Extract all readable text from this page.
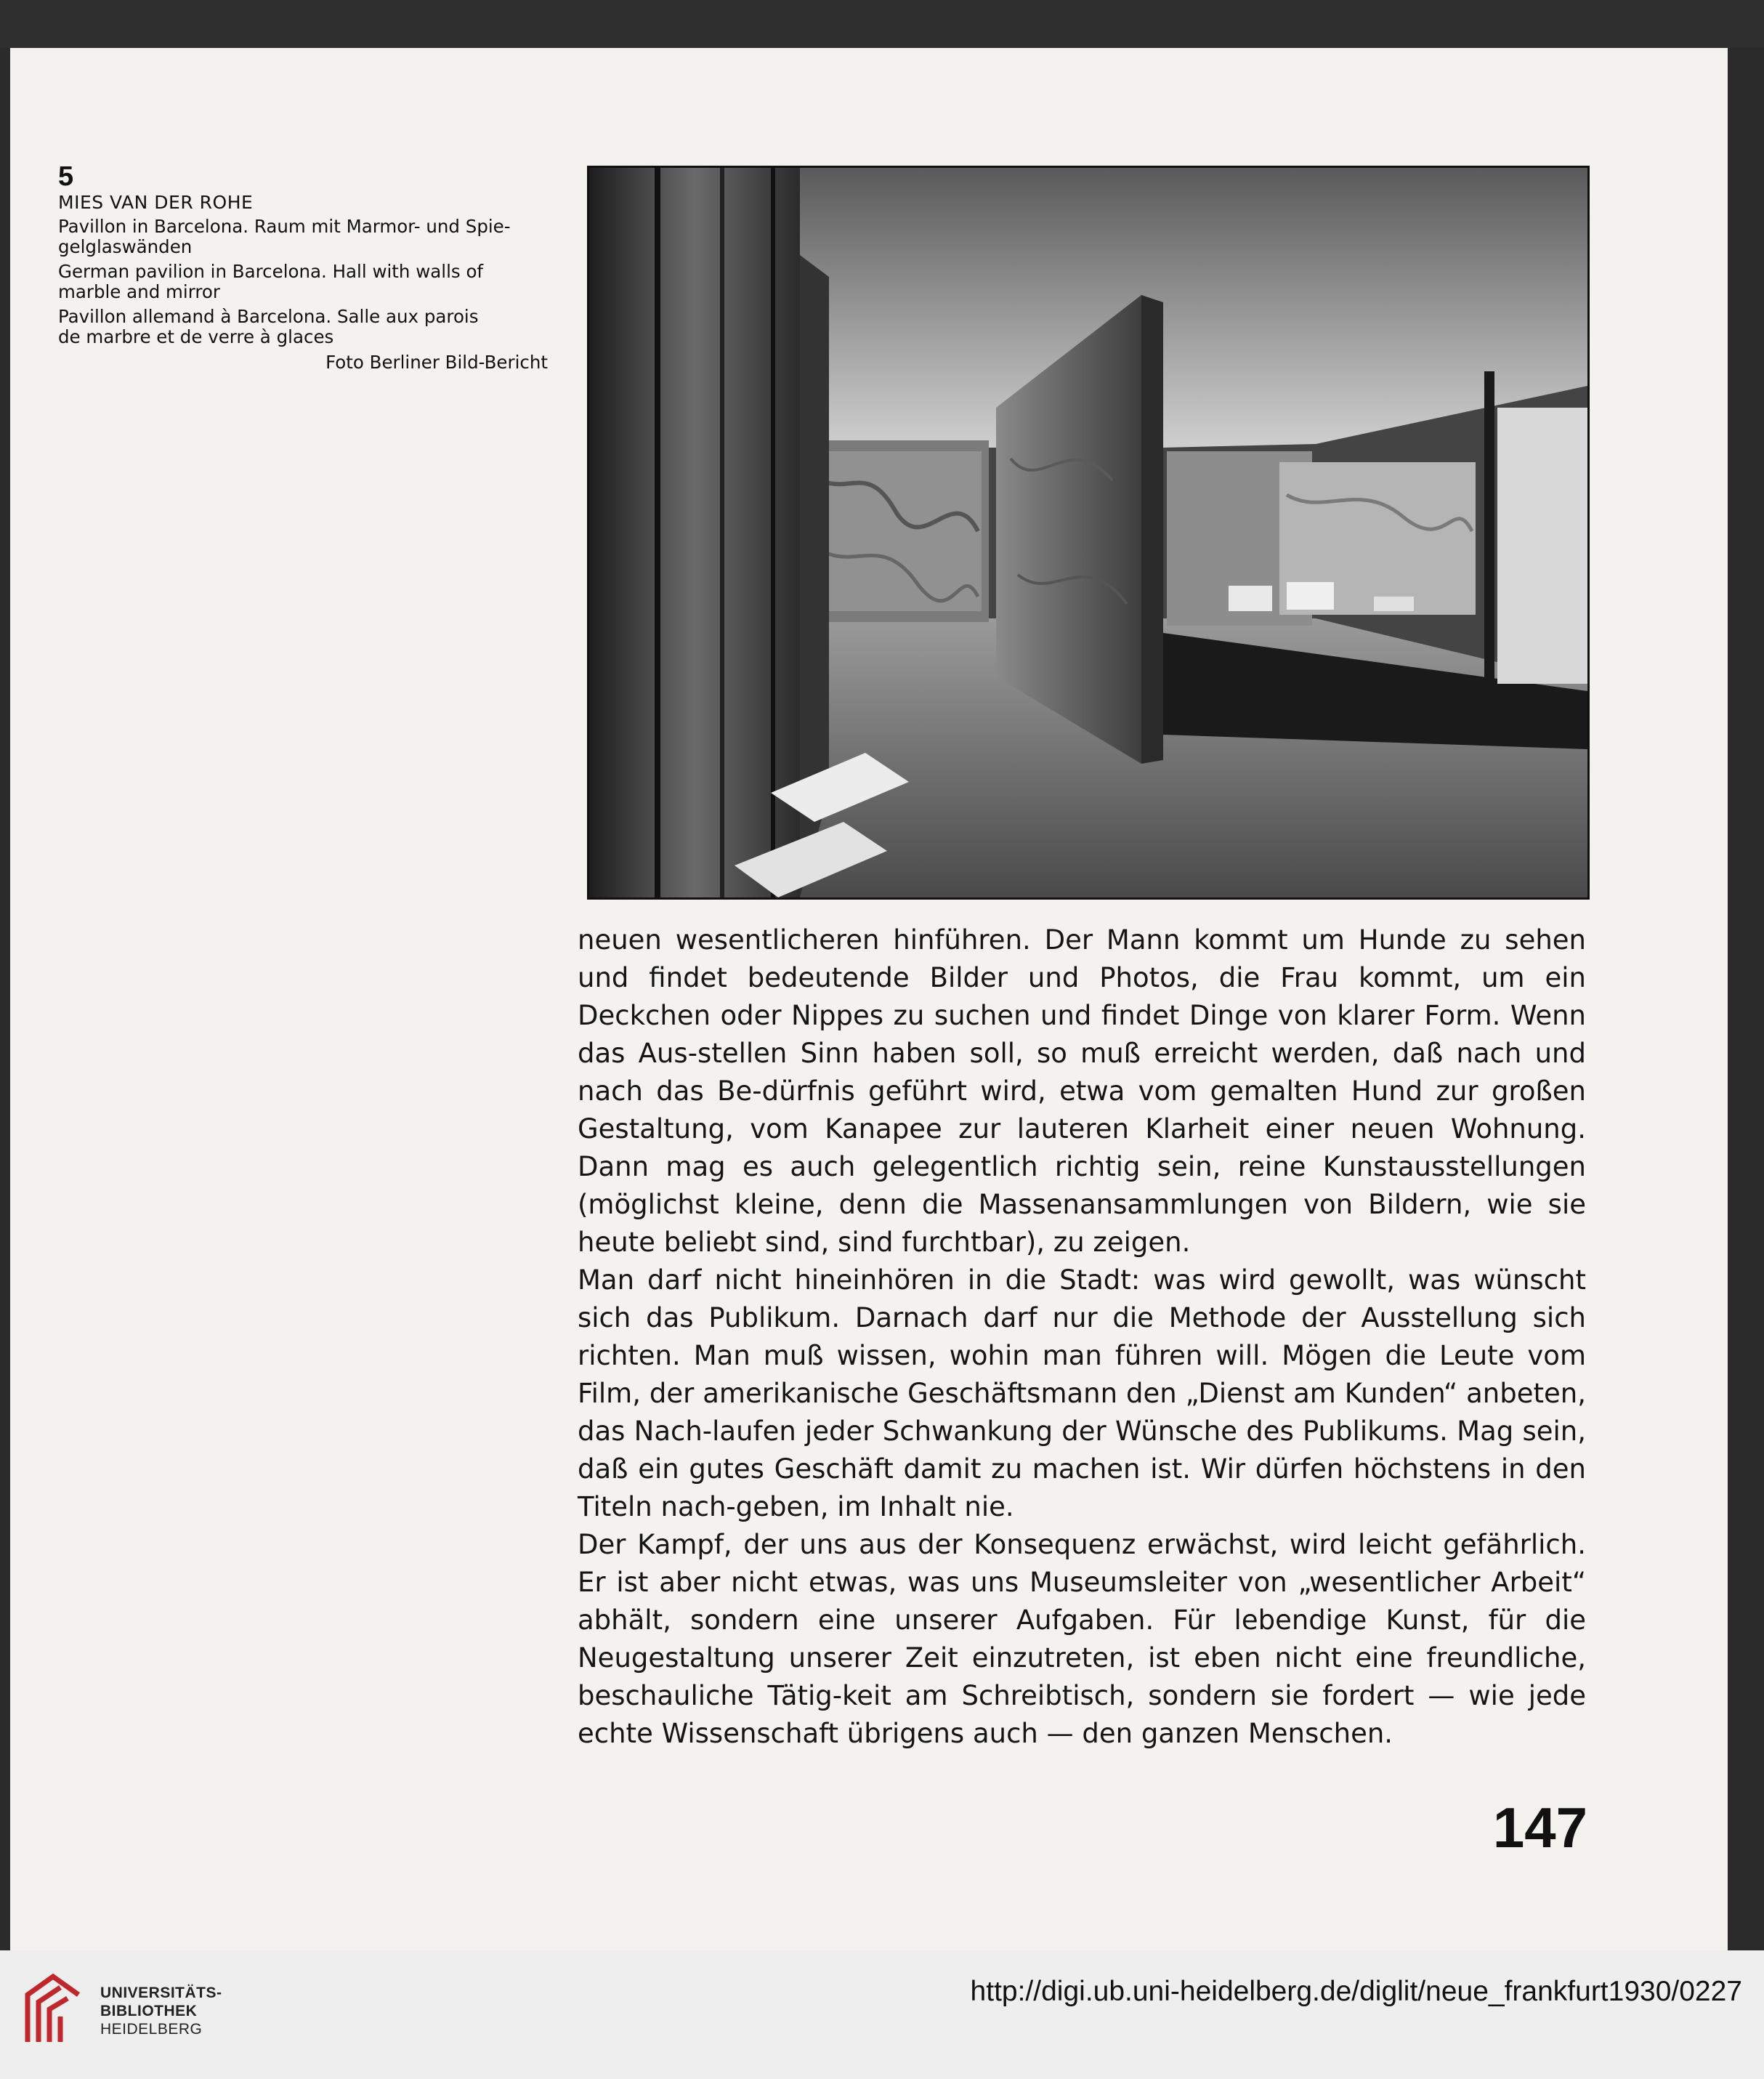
5
MIES VAN DER ROHE
Pavillon in Barcelona. Raum mit Marmor- und Spie-
gelglaswänden
German pavilion in Barcelona. Hall with walls of
marble and mirror
Pavillon allemand à Barcelona. Salle aux parois
de marbre et de verre à glaces
Foto Berliner Bild-Bericht

neuen wesentlicheren hinführen. Der Mann kommt um Hunde zu sehen und findet bedeutende Bilder und Photos, die Frau kommt, um ein Deckchen oder Nippes zu suchen und findet Dinge von klarer Form. Wenn das Aus-stellen Sinn haben soll, so muß erreicht werden, daß nach und nach das Be-dürfnis geführt wird, etwa vom gemalten Hund zur großen Gestaltung, vom Kanapee zur lauteren Klarheit einer neuen Wohnung. Dann mag es auch gelegentlich richtig sein, reine Kunstausstellungen (möglichst kleine, denn die Massenansammlungen von Bildern, wie sie heute beliebt sind, sind furchtbar), zu zeigen.

Man darf nicht hineinhören in die Stadt: was wird gewollt, was wünscht sich das Publikum. Darnach darf nur die Methode der Ausstellung sich richten. Man muß wissen, wohin man führen will. Mögen die Leute vom Film, der amerikanische Geschäftsmann den „Dienst am Kunden“ anbeten, das Nach-laufen jeder Schwankung der Wünsche des Publikums. Mag sein, daß ein gutes Geschäft damit zu machen ist. Wir dürfen höchstens in den Titeln nach-geben, im Inhalt nie.

Der Kampf, der uns aus der Konsequenz erwächst, wird leicht gefährlich. Er ist aber nicht etwas, was uns Museumsleiter von „wesentlicher Arbeit“ abhält, sondern eine unserer Aufgaben. Für lebendige Kunst, für die Neugestaltung unserer Zeit einzutreten, ist eben nicht eine freundliche, beschauliche Tätig-keit am Schreibtisch, sondern sie fordert — wie jede echte Wissenschaft übrigens auch — den ganzen Menschen.

147
UNIVERSITÄTS-
BIBLIOTHEK
HEIDELBERG
http://digi.ub.uni-heidelberg.de/diglit/neue_frankfurt1930/0227
